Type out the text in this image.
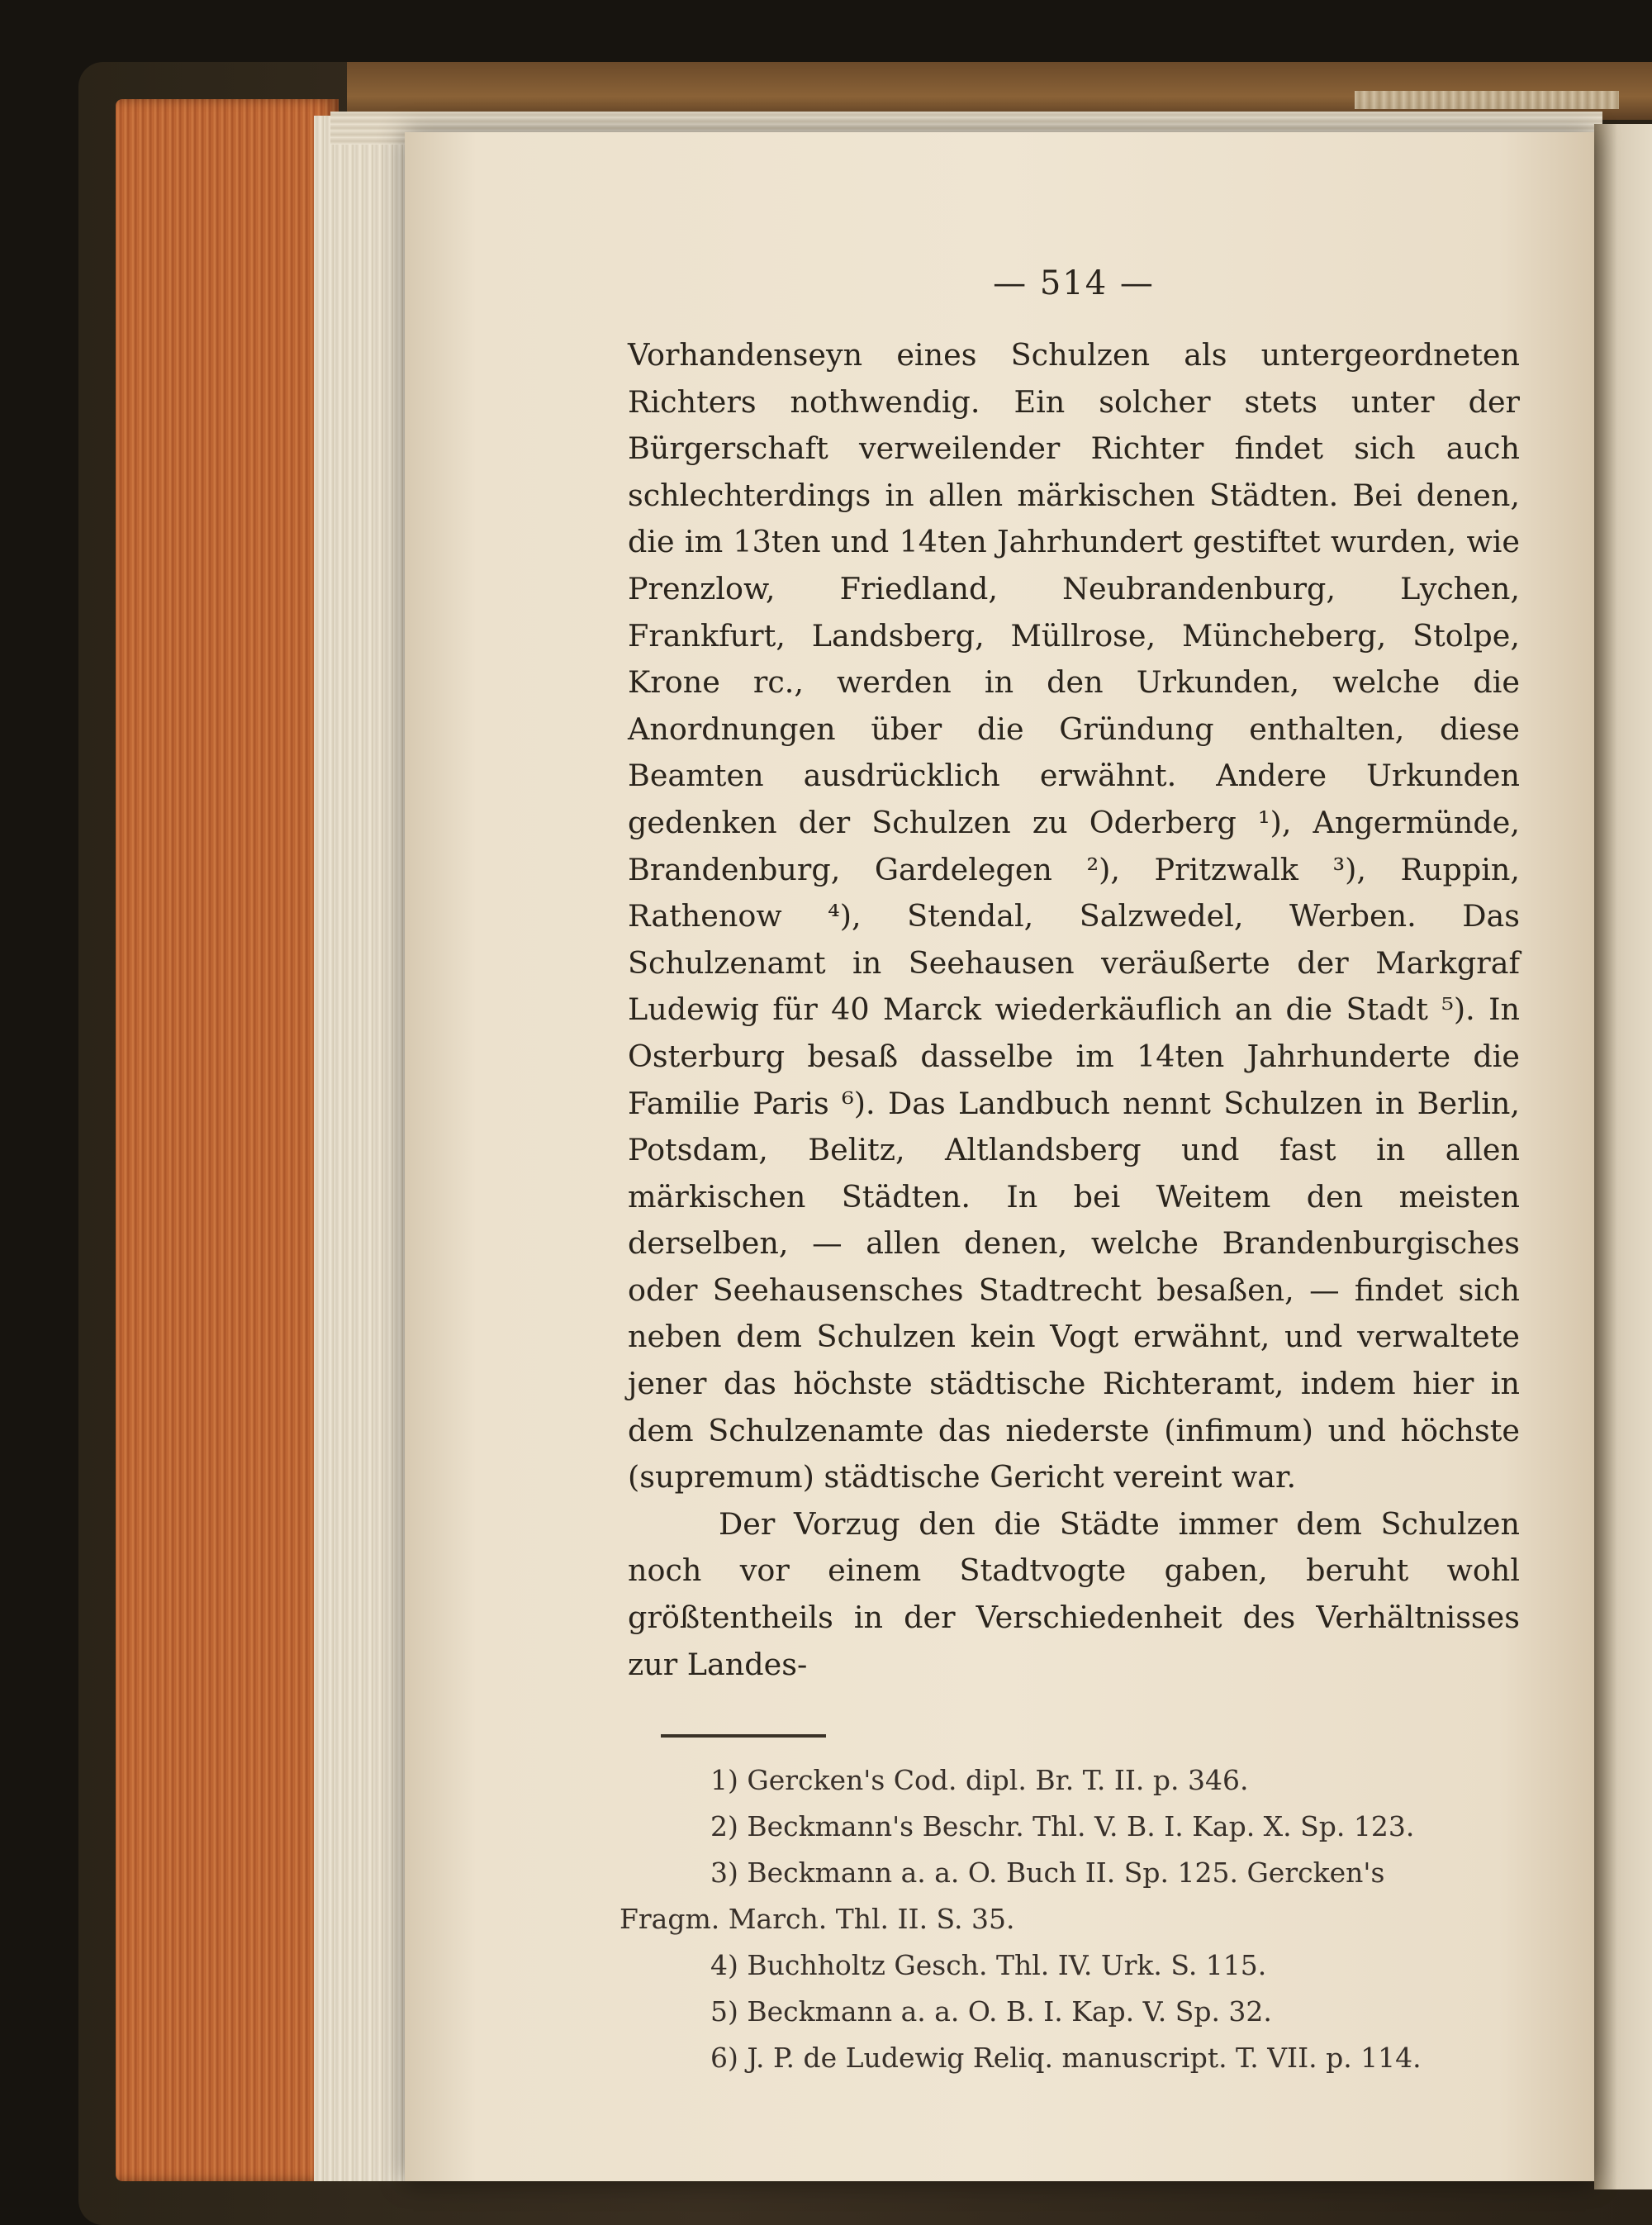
— 514 —

Vorhandenseyn eines Schulzen als untergeordneten Richters nothwendig. Ein solcher stets unter der Bürgerschaft verweilender Richter findet sich auch schlechterdings in allen märkischen Städten. Bei denen, die im 13ten und 14ten Jahrhundert gestiftet wurden, wie Prenzlow, Friedland, Neubrandenburg, Lychen, Frankfurt, Landsberg, Müllrose, Müncheberg, Stolpe, Krone rc., werden in den Urkunden, welche die Anordnungen über die Gründung enthalten, diese Beamten ausdrücklich erwähnt. Andere Urkunden gedenken der Schulzen zu Oderberg ¹), Angermünde, Brandenburg, Gardelegen ²), Pritzwalk ³), Ruppin, Rathenow ⁴), Stendal, Salzwedel, Werben. Das Schulzenamt in Seehausen veräußerte der Markgraf Ludewig für 40 Marck wiederkäuflich an die Stadt ⁵). In Osterburg besaß dasselbe im 14ten Jahrhunderte die Familie Paris ⁶). Das Landbuch nennt Schulzen in Berlin, Potsdam, Belitz, Altlandsberg und fast in allen märkischen Städten. In bei Weitem den meisten derselben, — allen denen, welche Brandenburgisches oder Seehausensches Stadtrecht besaßen, — findet sich neben dem Schulzen kein Vogt erwähnt, und verwaltete jener das höchste städtische Richteramt, indem hier in dem Schulzenamte das niederste (infimum) und höchste (supremum) städtische Gericht vereint war.

Der Vorzug den die Städte immer dem Schulzen noch vor einem Stadtvogte gaben, beruht wohl größtentheils in der Verschiedenheit des Verhältnisses zur Landes-

1) Gercken's Cod. dipl. Br. T. II. p. 346.
2) Beckmann's Beschr. Thl. V. B. I. Kap. X. Sp. 123.
3) Beckmann a. a. O. Buch II. Sp. 125. Gercken's
Fragm. March. Thl. II. S. 35.
4) Buchholtz Gesch. Thl. IV. Urk. S. 115.
5) Beckmann a. a. O. B. I. Kap. V. Sp. 32.
6) J. P. de Ludewig Reliq. manuscript. T. VII. p. 114.
